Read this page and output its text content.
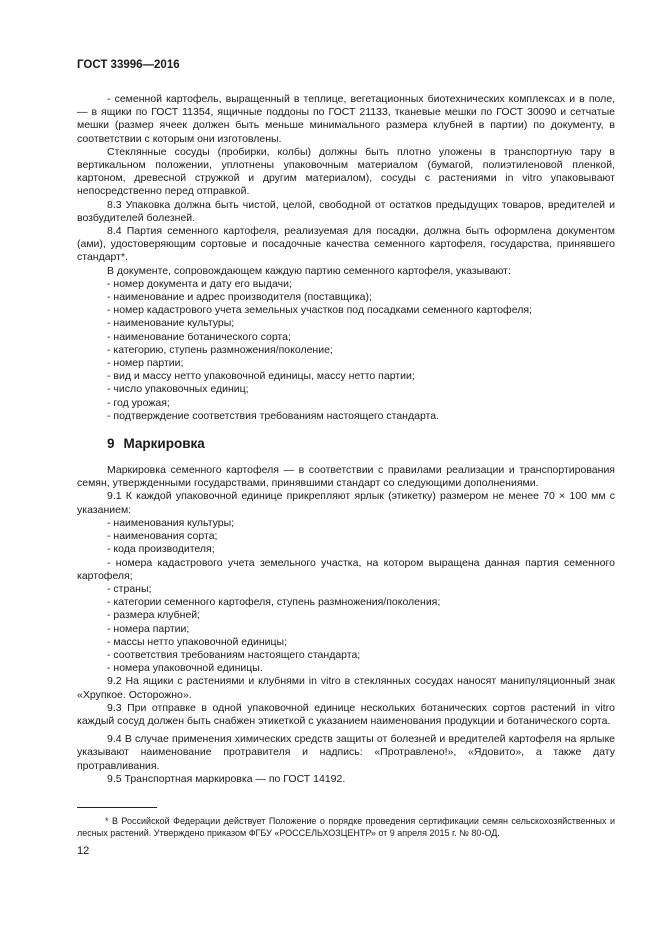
ГОСТ 33996—2016

- семенной картофель, выращенный в теплице, вегетационных биотехнических комплексах и в поле, — в ящики по ГОСТ 11354, ящичные поддоны по ГОСТ 21133, тканевые мешки по ГОСТ 30090 и сетчатые мешки (размер ячеек должен быть меньше минимального размера клубней в партии) по документу, в соответствии с которым они изготовлены.

Стеклянные сосуды (пробирки, колбы) должны быть плотно уложены в транспортную тару в вертикальном положении, уплотнены упаковочным материалом (бумагой, полиэтиленовой пленкой, картоном, древесной стружкой и другим материалом), сосуды с растениями in vitro упаковывают непосредственно перед отправкой.

8.3 Упаковка должна быть чистой, целой, свободной от остатков предыдущих товаров, вредителей и возбудителей болезней.

8.4 Партия семенного картофеля, реализуемая для посадки, должна быть оформлена документом (ами), удостоверяющим сортовые и посадочные качества семенного картофеля, государства, принявшего стандарт*.

В документе, сопровождающем каждую партию семенного картофеля, указывают:

- номер документа и дату его выдачи;

- наименование и адрес производителя (поставщика);

- номер кадастрового учета земельных участков под посадками семенного картофеля;

- наименование культуры;

- наименование ботанического сорта;

- категорию, ступень размножения/поколение;

- номер партии;

- вид и массу нетто упаковочной единицы, массу нетто партии;

- число упаковочных единиц;

- год урожая;

- подтверждение соответствия требованиям настоящего стандарта.

9 Маркировка

Маркировка семенного картофеля — в соответствии с правилами реализации и транспортирования семян, утвержденными государствами, принявшими стандарт со следующими дополнениями.

9.1 К каждой упаковочной единице прикрепляют ярлык (этикетку) размером не менее 70 × 100 мм с указанием:

- наименования культуры;

- наименования сорта;

- кода производителя;

- номера кадастрового учета земельного участка, на котором выращена данная партия семенного картофеля;

- страны;

- категории семенного картофеля, ступень размножения/поколения;

- размера клубней;

- номера партии;

- массы нетто упаковочной единицы;

- соответствия требованиям настоящего стандарта;

- номера упаковочной единицы.

9.2 На ящики с растениями и клубнями in vitro в стеклянных сосудах наносят манипуляционный знак «Хрупкое. Осторожно».

9.3 При отправке в одной упаковочной единице нескольких ботанических сортов растений in vitro каждый сосуд должен быть снабжен этикеткой с указанием наименования продукции и ботанического сорта.

9.4 В случае применения химических средств защиты от болезней и вредителей картофеля на ярлыке указывают наименование протравителя и надпись: «Протравлено!», «Ядовито», а также дату протравливания.

9.5 Транспортная маркировка — по ГОСТ 14192.

* В Российской Федерации действует Положение о порядке проведения сертификации семян сельскохозяйственных и лесных растений. Утверждено приказом ФГБУ «РОССЕЛЬХОЗЦЕНТР» от 9 апреля 2015 г. № 80-ОД.
12
